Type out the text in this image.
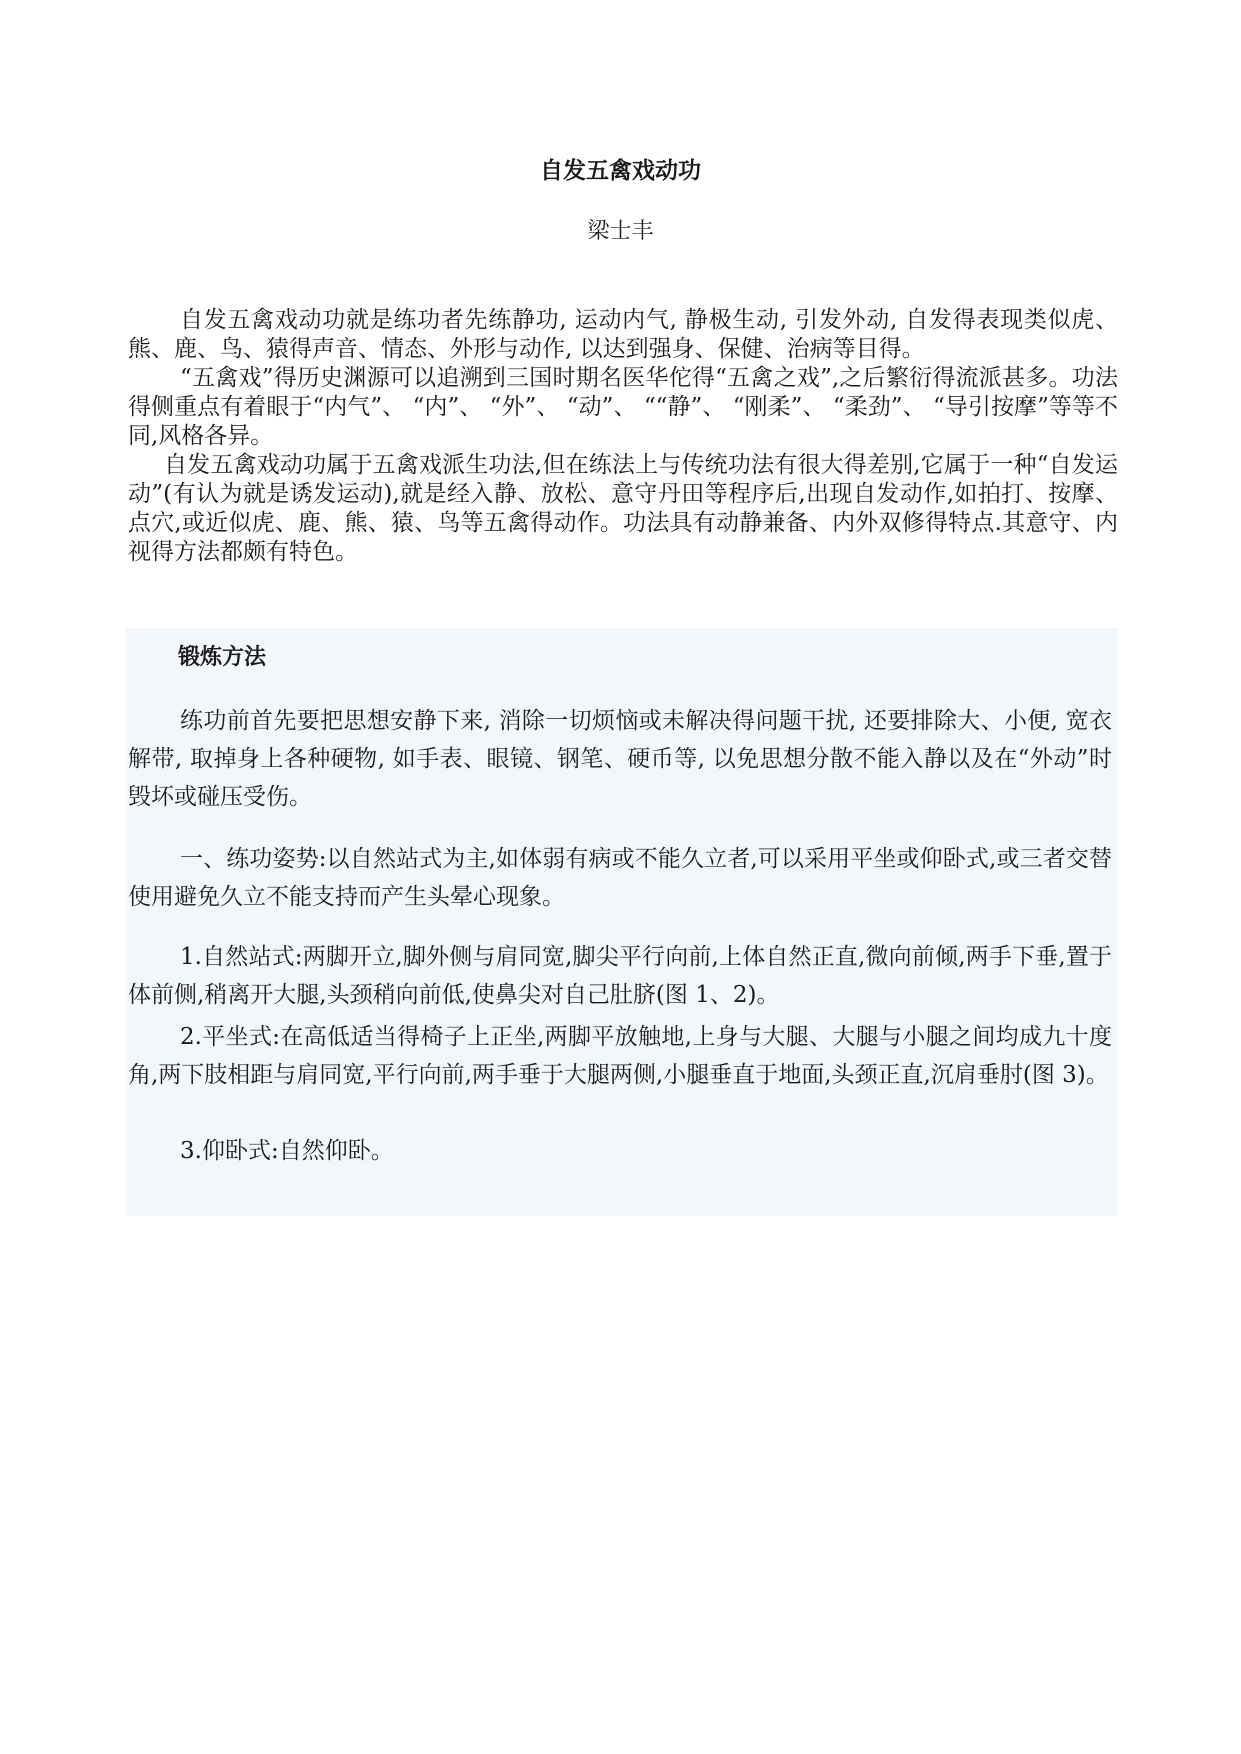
自发五禽戏动功
梁士丰

自发五禽戏动功就是练功者先练静功, 运动内气, 静极生动, 引发外动, 自发得表现类似虎、熊、鹿、鸟、猿得声音、情态、外形与动作, 以达到强身、保健、治病等目得。

“五禽戏”得历史渊源可以追溯到三国时期名医华佗得“五禽之戏”,之后繁衍得流派甚多。功法得侧重点有着眼于“内气”、 “内”、 “外”、 “动”、 ““静”、 “刚柔”、 “柔劲”、 “导引按摩”等等不同,风格各异。

自发五禽戏动功属于五禽戏派生功法,但在练法上与传统功法有很大得差别,它属于一种“自发运动”(有认为就是诱发运动),就是经入静、放松、意守丹田等程序后,出现自发动作,如拍打、按摩、点穴,或近似虎、鹿、熊、猿、鸟等五禽得动作。功法具有动静兼备、内外双修得特点.其意守、内视得方法都颇有特色。

锻炼方法

练功前首先要把思想安静下来, 消除一切烦恼或未解决得问题干扰, 还要排除大、小便, 宽衣解带, 取掉身上各种硬物, 如手表、眼镜、钢笔、硬币等, 以免思想分散不能入静以及在“外动”时毁坏或碰压受伤。

一、练功姿势:以自然站式为主,如体弱有病或不能久立者,可以采用平坐或仰卧式,或三者交替使用避免久立不能支持而产生头晕心现象。

1.自然站式:两脚开立,脚外侧与肩同宽,脚尖平行向前,上体自然正直,微向前倾,两手下垂,置于体前侧,稍离开大腿,头颈稍向前低,使鼻尖对自己肚脐(图 1、2)。

2.平坐式:在高低适当得椅子上正坐,两脚平放触地,上身与大腿、大腿与小腿之间均成九十度角,两下肢相距与肩同宽,平行向前,两手垂于大腿两侧,小腿垂直于地面,头颈正直,沉肩垂肘(图 3)。

3.仰卧式:自然仰卧。
